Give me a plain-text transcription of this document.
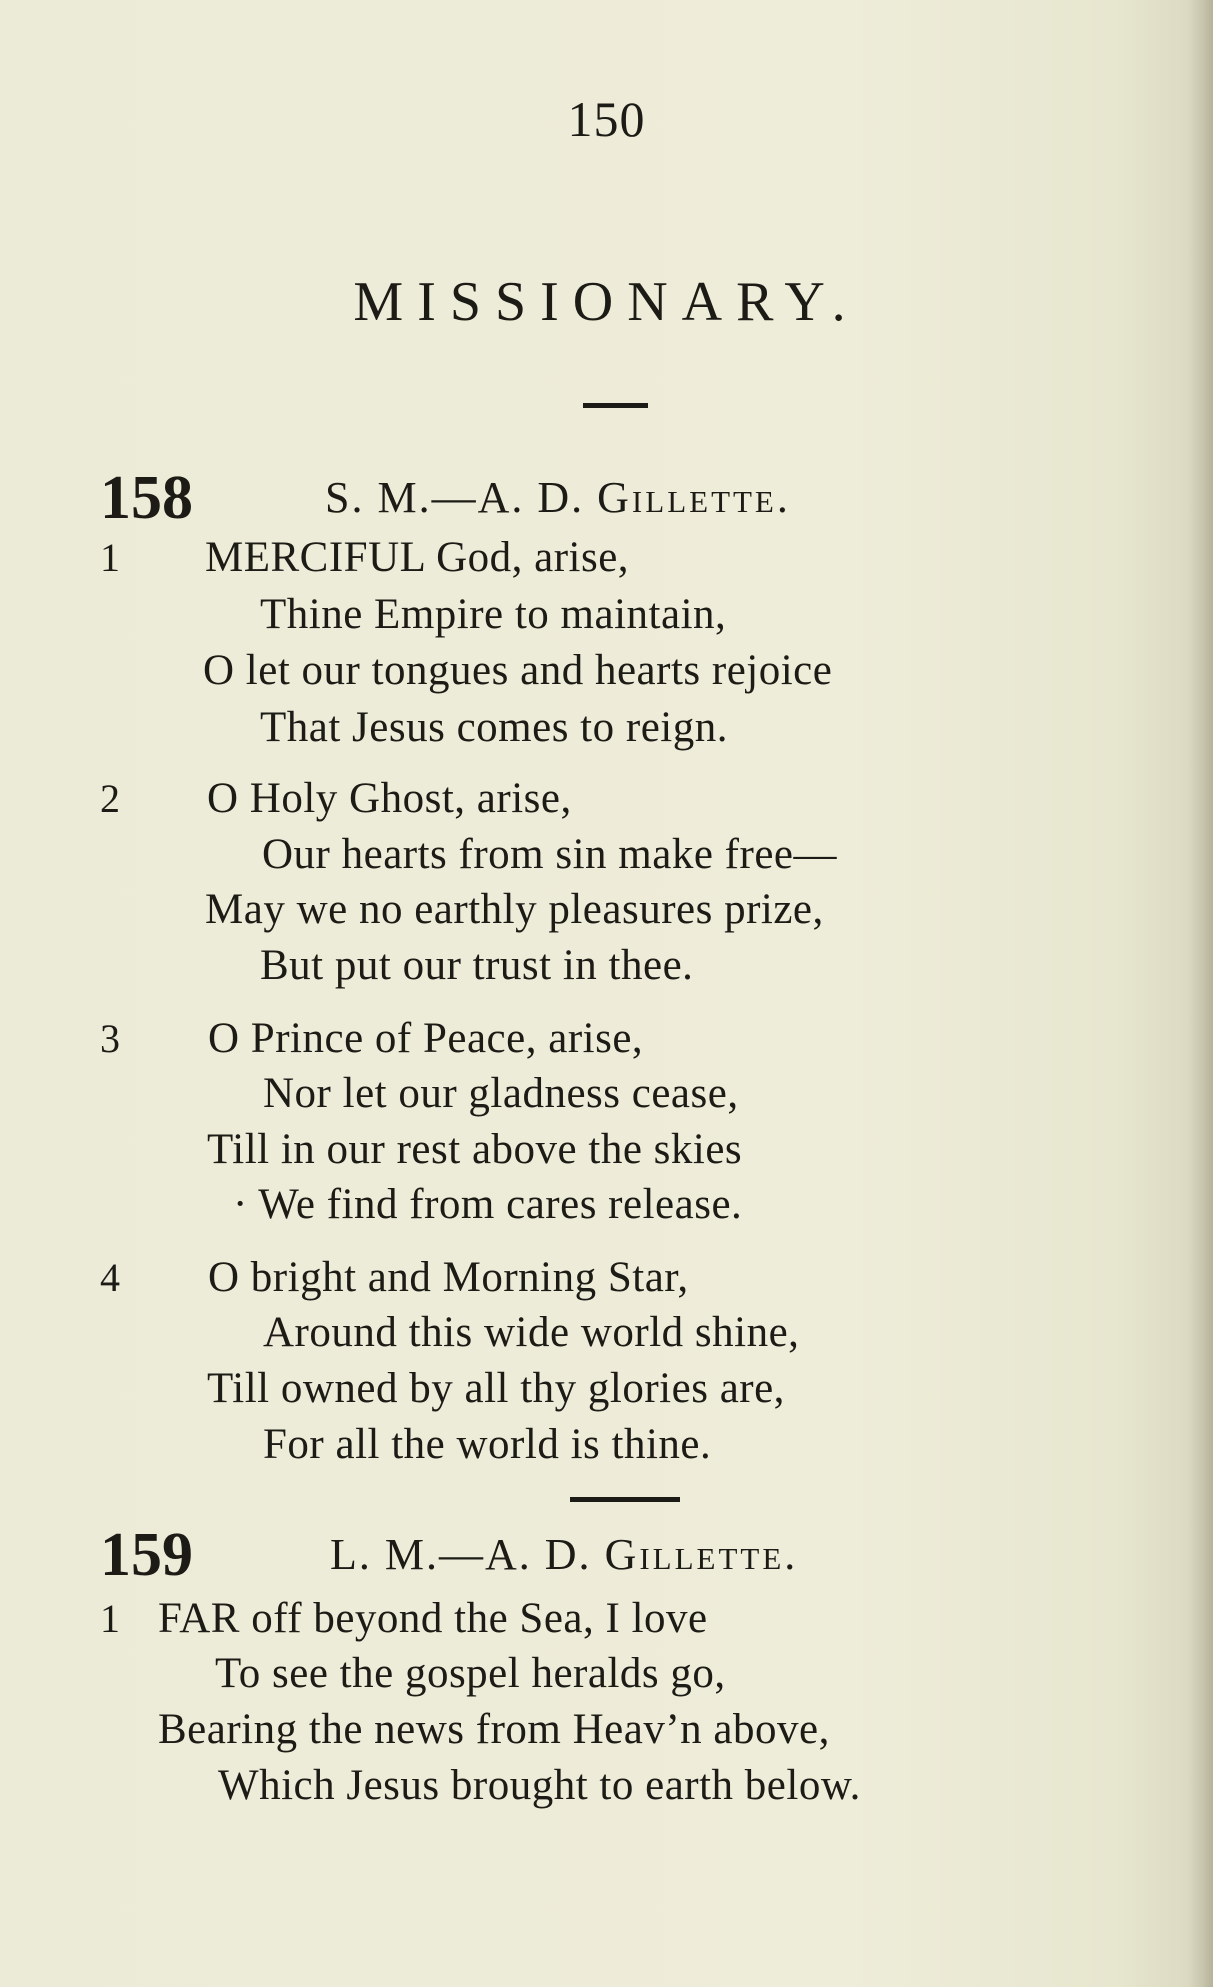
150
MISSIONARY.
158	S. M.—A. D. Gillette.
1 MERCIFUL God, arise,
Thine Empire to maintain,
O let our tongues and hearts rejoice
That Jesus comes to reign.
2 O Holy Ghost, arise,
Our hearts from sin make free—
May we no earthly pleasures prize,
But put our trust in thee.
3 O Prince of Peace, arise,
Nor let our gladness cease,
Till in our rest above the skies
· We find from cares release.
4 O bright and Morning Star,
Around this wide world shine,
Till owned by all thy glories are,
For all the world is thine.
159	L. M.—A. D. Gillette.
1 FAR off beyond the Sea, I love
To see the gospel heralds go,
Bearing the news from Heav’n above,
Which Jesus brought to earth below.
